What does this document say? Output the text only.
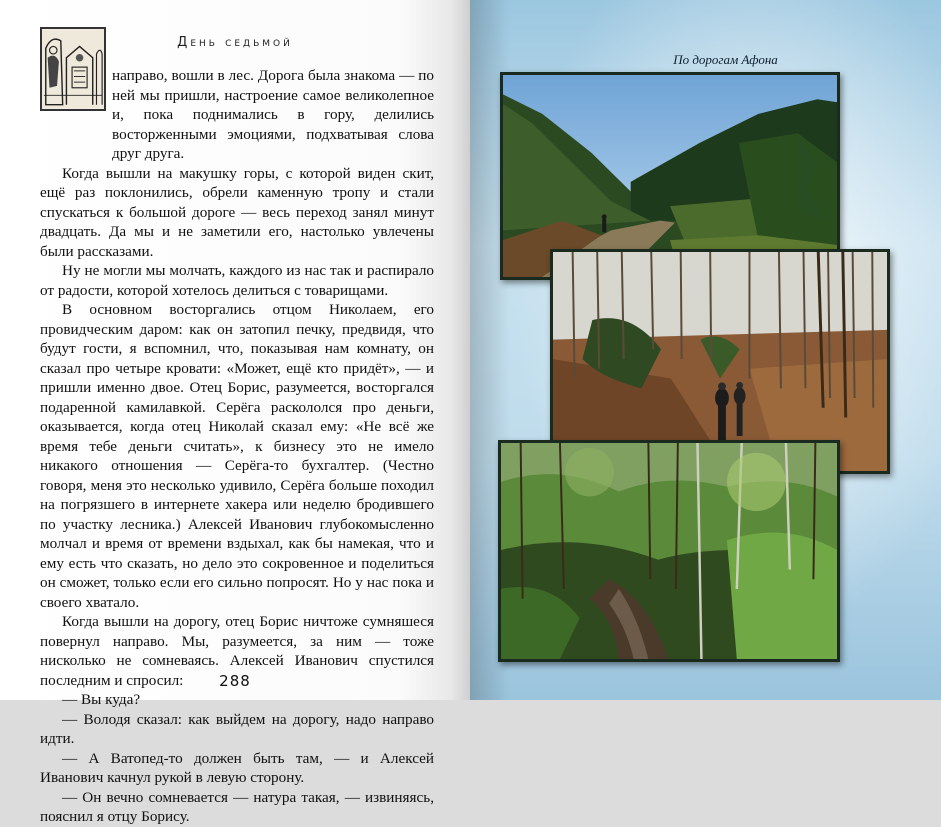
День седьмой

направо, вошли в лес. Дорога была знакома — по ней мы пришли, настроение самое великолепное и, пока поднимались в гору, делились восторженными эмоциями, подхватывая слова друг друга.

Когда вышли на макушку горы, с которой виден скит, ещё раз поклонились, обрели каменную тропу и стали спускаться к большой дороге — весь переход занял минут двадцать. Да мы и не заметили его, настолько увлечены были рассказами.

Ну не могли мы молчать, каждого из нас так и распирало от радости, которой хотелось делиться с товарищами.

В основном восторгались отцом Николаем, его провидческим даром: как он затопил печку, предвидя, что будут гости, я вспомнил, что, показывая нам комнату, он сказал про четыре кровати: «Может, ещё кто придёт», — и пришли именно двое. Отец Борис, разумеется, восторгался подаренной камилавкой. Серёга раскололся про деньги, оказывается, когда отец Николай сказал ему: «Не всё же время тебе деньги считать», к бизнесу это не имело никакого отношения — Серёга-то бухгалтер. (Честно говоря, меня это несколько удивило, Серёга больше походил на погрязшего в интернете хакера или неделю бродившего по участку лесника.) Алексей Иванович глубокомысленно молчал и время от времени вздыхал, как бы намекая, что и ему есть что сказать, но дело это сокровенное и поделиться он сможет, только если его сильно попросят. Но у нас пока и своего хватало.

Когда вышли на дорогу, отец Борис ничтоже сумняшеся повернул направо. Мы, разумеется, за ним — тоже нисколько не сомневаясь. Алексей Иванович спустился последним и спросил:

— Вы куда?

— Володя сказал: как выйдем на дорогу, надо направо идти.

— А Ватопед-то должен быть там, — и Алексей Иванович качнул рукой в левую сторону.

— Он вечно сомневается — натура такая, — извиняясь, пояснил я отцу Борису.

288
По дорогам Афона
